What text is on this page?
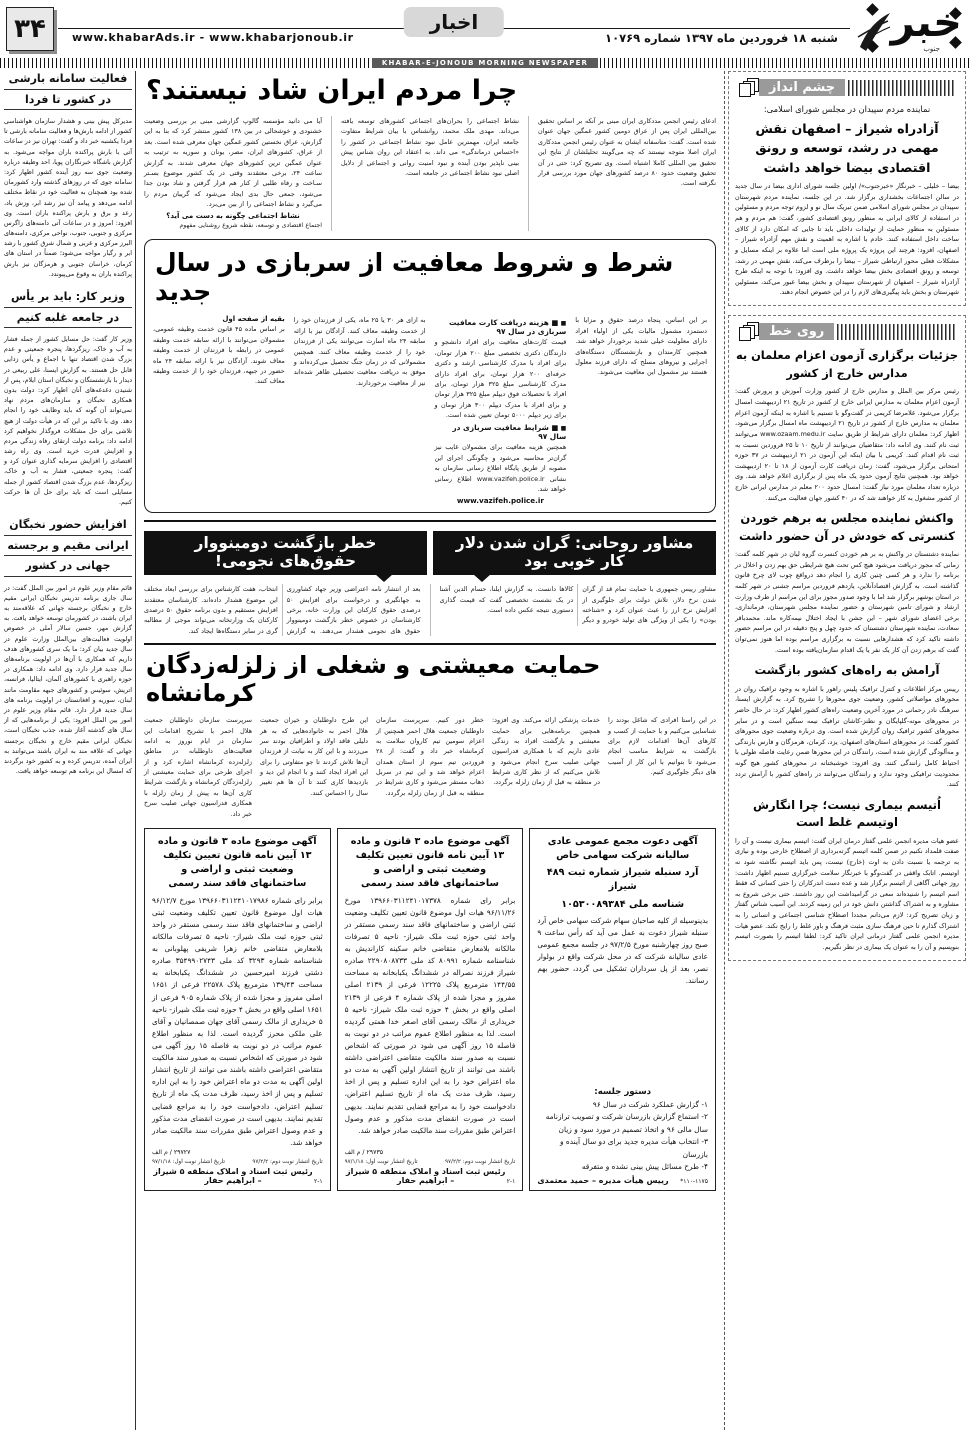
خبر
جنوب
شنبه ۱۸ فروردین ماه ۱۳۹۷ شماره ۱۰۷۶۹
اخبار
www.khabarAds.ir - www.khabarjonoub.ir
۳۴
KHABAR-E-JONOUB MORNING NEWSPAPER
چشم انداز
نماینده مردم سپیدان در مجلس شورای اسلامی:
آزادراه شیراز – اصفهان نقش مهمی در رشد، توسعه و رونق اقتصادی بیضا خواهد داشت
بیضا – خلیلی – خبرنگار «خبرجنوب»/ اولین جلسه شورای اداری بیضا در سال جدید در سالن اجتماعات بخشداری برگزار شد. در این جلسه، نماینده مردم شهرستان سپیدان در مجلس شورای اسلامی ضمن تبریک سال نو و لزوم توجه مردم و مسئولین در استفاده از کالای ایرانی به منظور رونق اقتصادی کشور، گفت: هم مردم و هم مسئولین به منظور حمایت از تولیدات داخلی باید تا جایی که امکان دارد از کالای ساخت داخل استفاده کنند. خادم با اشاره به اهمیت و نقش مهم آزادراه شیراز – اصفهان، افزود: هرچند این پروژه یک پروژه ملی است اما علاوه بر اینکه مسایل و مشکلات فعلی محور ارتباطی شیراز – بیضا را برطرف می‌کند، نقش مهمی در رشد، توسعه و رونق اقتصادی بخش بیضا خواهد داشت. وی افزود: با توجه به اینکه طرح آزادراه شیراز – اصفهان از شهرستان سپیدان و بخش بیضا عبور می‌کند، مسئولین شهرستان و بخش باید پیگیری‌های لازم را در این خصوص انجام دهند.
روی خط
جزئیات برگزاری آزمون اعزام معلمان به مدارس خارج از کشور
رئیس مرکز بین الملل و مدارس خارج از کشور وزارت آموزش و پرورش گفت: آزمون اعزام معلمان به مدارس ایرانی خارج از کشور در تاریخ ۲۱ اردیبهشت امسال برگزار می‌شود. غلامرضا کریمی در گفت‌وگو با تسنیم با اشاره به اینکه آزمون اعزام معلمان به مدارس خارج از کشور در تاریخ ۲۱ اردیبهشت ماه امسال برگزار می‌شود، اظهار کرد: معلمان دارای شرایط از طریق سایت www.ozaam.medu.ir می‌توانند ثبت نام کنند. وی ادامه داد: متقاضیان می‌توانند از تاریخ ۱۰ تا ۲۵ فروردین نسبت به ثبت نام اقدام کنند. کریمی با بیان اینکه این آزمون در ۲۱ اردیبهشت در ۳۷ حوزه امتحانی برگزار می‌شود، گفت: زمان دریافت کارت آزمون از ۱۸ تا ۲۰ اردیبهشت خواهد بود. همچنین نتایج آزمون حدود یک ماه پس از برگزاری اعلام خواهد شد. وی درباره تعداد معلمان مورد نیاز گفت: امسال حدود ۲۰۰ معلم در مدارس ایرانی خارج از کشور مشغول به کار خواهند شد که در ۴۰ کشور جهان فعالیت می‌کنند.
واکنش نماینده مجلس به برهم خوردن کنسرتی که خودش در آن حضور داشت
نماینده دشتستان در واکنش به بر هم خوردن کنسرت گروه لیان در شهر کلمه گفت: زمانی که مجوز دریافت می‌شود هیچ کس تحت هیچ شرایطی حق بهم زدن و اخلال در برنامه را ندارد و هر کسی چنین کاری را انجام دهد درواقع چوب لای چرخ قانون گذاشته است. به گزارش اقتصادآنلاین، یازدهم فروردین مراسم جشنی در شهر کلمه در استان بوشهر برگزار شد اما با وجود صدور مجوز برای این مراسم از طرف وزارت ارشاد و شورای تامین شهرستان و حضور نماینده مجلس شهرستان، فرمانداری، برخی اعضای شورای شهر – این جشن با ایجاد اختلال نیمه‌کاره ماند. محمدباقر سعادت، نماینده شهرستان دشتستان که حدود چهل و پنج دقیقه در این مراسم حضور داشته تاکید کرد که هشدارهایی نسبت به برگزاری مراسم بوده اما هنوز نمی‌توان گفت که برهم زدن آن کار یک نفر یا یک اقدام سازمان‌یافته بوده است.
آرامش به راه‌های کشور بازگشت
رییس مرکز اطلاعات و کنترل ترافیک پلیس راهور با اشاره به وجود ترافیک روان در محورهای مواصلاتی کشور، وضعیت جوی محورها را تشریح کرد. به گزارش ایسنا، سرهنگ نادر رحمانی در مورد آخرین وضعیت راه‌های کشور اظهار کرد: در حال حاضر در محورهای موته-گلپایگان و نطنز-کاشان ترافیک نیمه سنگین است و در سایر محورهای کشور ترافیک روان گزارش شده است. وی درباره وضعیت جوی محورهای کشور گفت: در محورهای استان‌های اصفهان، یزد، کرمان، هرمزگان و فارس بارندگی و مه‌آلودگی گزارش شده است، رانندگان در این محورها ضمن رعایت فاصله طولی با احتیاط کامل رانندگی کنند. وی افزود: خوشبختانه در محورهای کشور هیچ گونه محدودیت ترافیکی وجود ندارد و رانندگان می‌توانند در راه‌های کشور با آرامش تردد کنند.
اُتیسم بیماری نیست؛ چرا انگارش اوتیسم غلط است
عضو هیات مدیره انجمن علمی گفتار درمان ایران گفت: اتیسم بیماری نیست و آن را صفت قلمداد نکنیم در ضمن کلمه اتیسم گرته‌برداری از اصطلاح خارجی بوده و نیازی به ترجمه یا نسبت دادن به اوت (خارج) نیست، پس باید اتیسم نگاشته شود نه اوتیسم. اتابک واقفی در گفت‌وگو با خبرنگار سلامت خبرگزاری تسنیم اظهار داشت: روز جهانی آگاهی از اتیسم برگزار شد و عده دست اندرکاران را حتی کسانی که فقط اسم اتیسم را شنیده‌اند سعی در گرامیداشت این روز داشتند. حتی برخی شروع به مشاوره و به اشتراک گذاشتن دانش خود در این زمینه کردند. این آسیب شناس گفتار و زبان تصریح کرد: لازم می‌دانم مجددا اصطلاح شناسی اجتماعی و انسانی را به اشتراک گذارم تا حین فرهنگ سازی مثبت فرهنگ و باور غلط را رایج نکند. عضو هیات مدیره انجمن علمی گفتار درمانی ایران تاکید کرد: لطفا اتیسم را بصورت اتیسم بنویسیم و آن را به عنوان یک بیماری در نظر نگیریم.
چرا مردم ایران شاد نیستند؟
ادعای رئیس انجمن مددکاری ایران مبنی بر آنکه بر اساس تحقیق بین‌المللی ایران پس از عراق دومین کشور غمگین جهان عنوان شده است. گفت: متاسفانه ایشان به عنوان رئیس انجمن مددکاری ایران اصلا متوجه نیستند که چه می‌گویند تحلیلشان از نتایج این تحقیق بین المللی کاملا اشتباه است. وی تصریح کرد: حتی در آن تحقیق وضعیت حدود ۸۰ درصد کشورهای جهان مورد بررسی قرار نگرفته است.
نشاط اجتماعی را بحران‌های اجتماعی کشورهای توسعه یافته می‌داند. مهدی ملک محمد، روانشناس با بیان شرایط متفاوت جامعه ایران، مهمترین عامل نبود نشاط اجتماعی در کشور را «احساس درماندگی» می داند. به اعتقاد این روان شناس پیش بینی ناپذیر بودن آینده و نبود امنیت روانی و اجتماعی از دلایل اصلی نبود نشاط اجتماعی در جامعه است.
آیا می دانید مؤسسه گالوپ گزارشی مبنی بر بررسی وضعیت خشنودی و خوشحالی در بین ۱۳۸ کشور منتشر کرد که بنا به این گزارش، عراق نخستین کشور غمگین جهان معرفی شده است. بعد از عراق، کشورهای ایران، مصر، یونان و سوریه به ترتیب به عنوان غمگین ترین کشورهای جهان معرفی شدند. به گزارش ساعت ۲۴، برخی معتقدند وقتی در یک کشور موضوع بسـتر سـاخت و رفاه طلبی از کنار هم قرار گرفتن و شاد بودن جدا می‌شود، جمعی حال بدی ایجاد می‌شود که گریبان مردم را می‌گیرد و نشاط اجتماعی را از بین می‌برد.
نشاط اجتماعی چگونه به دست می آید؟
اجتماع اقتصادی و توسعه، نقطه شروع روشنایی مفهوم
شرط و شروط معافیت از سربازی در سال جدید
بر این اساس، پنجاه درصد حقوق و مزایا با دستمزد مشمول مالیات یکی از اولیاء افراد دارای معلولیت خیلی شدید برخوردار خواهد شد. همچنین کارمندان و بازنشستگان دستگاه‌های اجرایی و نیروهای مسلح که دارای فرزند معلول هستند نیز مشمول این معافیت می‌شوند.
■ ■ هزینه دریافت کارت معافیت سربازی در سال ۹۷
قیمت کارت‌های معافیت برای افراد دانشجو و دارندگان دکتری تخصصی مبلغ ۲۰۰ هزار تومان، برای افراد با مدرک کارشناسی ارشد و دکتری حرفه‌ای ۲۰۰ هزار تومان، برای افراد دارای مدرک کارشناسی مبلغ ۳۲۵ هزار تومان، برای افراد با تحصیلات فوق دیپلم مبلغ ۳۲۵ هزار تومان و برای افراد با مدرک دیپلم ۳۰۰ هزار تومان و برای زیر دیپلم ۵۰۰۰ تومان تعیین شده است.
■ ■ شرایط معافیت سربازی در سال ۹۷
همچنین هزینه معافیت برای مشمولان غایب نیز گران‌تر محاسبه می‌شود و چگونگی اجرای این مصوبه از طریق پایگاه اطلاع رسانی سازمان به نشانی www.vazifeh.police.ir اطلاع رسانی خواهد شد.
www.vazifeh.police.ir
به ازای هر ۳۰ یا ۲۵ ماه، یکی از فرزندان خود را از خدمت وظیفه معاف کنند. آزادگان نیز با ارائه سابقه ۲۴ ماه اسارت می‌توانند یکی از فرزندان خود را از خدمت وظیفه معاف کنند. همچنین مشمولانی که در زمان جنگ تحصیل می‌کرده‌اند و موفق به دریافت معافیت تحصیلی ظاهر شده‌اند نیز از معافیت برخوردارند.
بقیه از صفحه اول
بر اساس ماده ۴۵ قانون خدمت وظیفه عمومی، مشمولان می‌توانند با ارائه سابقه خدمت وظیفه عمومی در رابطه با فرزندان از خدمت وظیفه معاف شوند. آزادگان نیز با ارائه سابقه ۲۴ ماه حضور در جبهه، فرزندان خود را از خدمت وظیفه معاف کنند.
مشاور روحانی: گران شدن دلار کار خوبی بود
خطر بازگشت دومینووار حقوق‌های نجومی!
مشاور رییس جمهوری با حمایت تمام قد از گران شدن نرخ دلار، تلاش دولت برای جلوگیری از افزایش نرخ ارز را عبث عنوان کرد و «شناخته بودن» را یکی از ویژگی های تولید خودرو و دیگر کالاها دانست. به گزارش ایلنا، حسام الدین آشنا در یک نشست تخصصی گفت که قیمت گذاری دستوری نتیجه عکس داده است.
بعد از انتشار نامه اعتراضی وزیر جهاد کشاورزی به جهانگیری و درخواست برای افزایش ۵۰ درصدی حقوق کارکنان این وزارت خانه، برخی کارشناسان در خصوص خطر بازگشت دومینووار حقوق های نجومی هشدار می‌دهند. به گزارش انتخاب، هفت کارشناس برای بررسی ابعاد مختلف این موضوع هشدار داده‌اند. کارشناسان معتقدند افزایش مستقیم و بدون برنامه حقوق ۵۰ درصدی کارکنان یک وزارتخانه می‌تواند موجی از مطالبه گری در سایر دستگاه‌ها ایجاد کند.
حمایت معیشتی و شغلی از زلزله‌زدگان کرمانشاه
در این راستا افرادی که شاغل بودند را شناسایی می‌کنیم و با حمایت از کسب و کارهای آن‌ها اقدامات لازم برای بازگشت به شرایط مناسب انجام می‌شود تا بتوانیم با این کار از آسیب های دیگر جلوگیری کنیم.
خدمات پزشکی ارائه می‌کند. وی افزود: همچنین برنامه‌هایی برای حمایت معیشتی و بازگشت افراد به زندگی عادی داریم که با همکاری فدراسیون جهانی صلیب سرخ انجام می‌شود و تلاش می‌کنیم که از نظر کاری شرایط در منطقه به قبل از زمان زلزله برگردد.
خطر دور کنیم. سرپرست سازمان داوطلبان جمعیت هلال احمر همچنین از اعزام سومین تیم کاروان سلامت به کرمانشاه خبر داد و گفت: از ۲۸ فروردین تیم سوم از استان همدان اعزام خواهد شد و این تیم در سربل ذهاب مستقر می‌شود و کاری شرایط در منطقه به قبل از زمان زلزله برگردد.
این طرح داوطلبان و خیران جمعیت هلال احمر به خانواده‌هایی که به هر دلیلی فاقد اولاد و اطرافیان بودند سر می‌زدند و با این کار به نیابت از فرزندان آن‌ها تلاش کردند تا جو متفاوتی را برای این افراد ایجاد کنند و با انجام این دید و بازدیدها کاری کنند تا آن ها هم تغییر سال را احساس کنند.
سرپرست سازمان داوطلبان جمعیت هلال احمر با تشریح اقدامات این سازمان در ایام نوروز به ادامه فعالیت‌های داوطلبانه در مناطق زلزله‌زده کرمانشاه اشاره کرد و از اجرای طرحی برای حمایت معیشتی از زلزله‌زدگان کرمانشاه و بازگشت شرایط کاری آن‌ها به پیش از زمان زلزله با همکاری فدراسیون جهانی صلیب سرخ خبر داد.
آگهی دعوت مجمع عمومی عادی سالیانه شرکت سهامی خاص
آرد سنبله شیراز شماره ثبت ۴۸۹ شیراز
شناسه ملی ۱۰۵۳۰۰۸۹۳۸۴
بدینوسیله از کلیه صاحبان سهام شرکت سهامی خاص آرد سنبله شیراز دعوت به عمل می آید که رأس ساعت ۹ صبح روز چهارشنبه مورخ ۹۷/۲/۵ در جلسه مجمع عمومی عادی سالیانه شرکت که در محل شرکت واقع در بولوار نصر، بعد از پل سرداران تشکیل می گردد، حضور بهم رسانند.
دستور جلسه:
۱- گزارش عملکرد شرکت در سال ۹۶
۲- استماع گزارش بازرسان شرکت و تصویب ترازنامه سال مالی ۹۶ و اتخاذ تصمیم در مورد سود و زیان
۳- انتخاب هیأت مدیره جدید برای دو سال آینده و بازرسان
۴- طرح مسائل پیش بینی نشده و متفرقه
۱۱۰-۱۱۷۵*
رییس هیأت مدیره – حمید معتمدی
آگهی موضوع ماده ۳ قانون و ماده ۱۳ آیین نامه قانون تعیین تکلیف وضعیت ثبتی و اراضی و ساختمانهای فاقد سند رسمی
برابر رای شماره ۱۳۹۶۶۰۳۱۱۲۴۱۰۱۷۳۷۸ مورخ ۹۶/۱۱/۲۶ هیات اول موضوع قانون تعیین تکلیف وضعیت ثبتی اراضی و ساختمانهای فاقد سند رسمی مستقر در واحد ثبتی حوزه ثبت ملک شیراز- ناحیه ۵ تصرفات مالکانه بلامعارض متقاضی خانم سکینه کاراندیش به شناسنامه شماره ۸۰۹۹۱ کد ملی ۲۲۹۰۸۰۸۷۳۳ صادره شیراز فرزند نصراله در ششدانگ یکبابخانه به مساحت ۱۴۴/۵۵ مترمربع پلاک ۱۲۲۲۵ فرعی از ۲۱۳۹ اصلی مفروز و مجزا شده از پلاک شماره ۴ فرعی از ۲۱۳۹ اصلی واقع در بخش ۴ حوزه ثبت ملک شیراز- ناحیه ۵ خریداری از مالک رسمی آقای اصغر خدا همتی گردیده است. لذا به منظور اطلاع عموم مراتب در دو نوبت به فاصله ۱۵ روز آگهی می شود در صورتی که اشخاص نسبت به صدور سند مالکیت متقاضی اعتراضی داشته باشند می توانند از تاریخ انتشار اولین آگهی به مدت دو ماه اعتراض خود را به این اداره تسلیم و پس از اخذ رسید، ظرف مدت یک ماه از تاریخ تسلیم اعتراض، دادخواست خود را به مراجع قضایی تقدیم نمایند. بدیهی است در صورت انقضای مدت مذکور و عدم وصول اعتراض طبق مقررات سند مالکیت صادر خواهد شد.
۲۹۷۳۵ / م الف
تاریخ انتشار نوبت دوم: ۹۷/۲/۲
تاریخ انتشار نوبت اول: ۹۷/۱/۱۸
۲-۱
رئیس ثبت اسناد و املاک منطقه ۵ شیراز – ابراهیم حفار
آگهی موضوع ماده ۳ قانون و ماده ۱۳ آیین نامه قانون تعیین تکلیف وضعیت ثبتی و اراضی و ساختمانهای فاقد سند رسمی
برابر رای شماره ۱۳۹۶۶۰۳۱۱۲۴۱۰۱۷۹۸۶ مورخ ۹۶/۱۲/۷ هیات اول موضوع قانون تعیین تکلیف وضعیت ثبتی اراضی و ساختمانهای فاقد سند رسمی مستقر در واحد ثبتی حوزه ثبت ملک شیراز- ناحیه ۵ تصرفات مالکانه بلامعارض متقاضی خانم زهرا شریفی پهلوبانی به شناسنامه شماره ۳۲۹۳ کد ملی ۳۵۴۹۹۰۲۷۴۳ صادره دشتی فرزند امیرحسین در ششدانگ یکبابخانه به مساحت ۱۳۹/۴۳ مترمربع پلاک ۲۲۵۷۸ فرعی از ۱۶۵۱ اصلی مفروز و مجزا شده از پلاک شماره ۹۰۵ فرعی از ۱۶۵۱ اصلی واقع در بخش ۴ حوزه ثبت ملک شیراز- ناحیه ۵ خریداری از مالک رسمی آقای جهان صمصانیان و آقای علی ملکی محرز گردیده است. لذا به منظور اطلاع عموم مراتب در دو نوبت به فاصله ۱۵ روز آگهی می شود در صورتی که اشخاص نسبت به صدور سند مالکیت متقاضی اعتراضی داشته باشند می توانند از تاریخ انتشار اولین آگهی به مدت دو ماه اعتراض خود را به این اداره تسلیم و پس از اخذ رسید، ظرف مدت یک ماه از تاریخ تسلیم اعتراض، دادخواست خود را به مراجع قضایی تقدیم نمایند. بدیهی است در صورت انقضای مدت مذکور و عدم وصول اعتراض طبق مقررات سند مالکیت صادر خواهد شد.
۲۹۷۲۷ / م الف
تاریخ انتشار نوبت دوم: ۹۷/۲/۲
تاریخ انتشار نوبت اول: ۹۷/۱/۱۸
۲-۱
رئیس ثبت اسناد و املاک منطقه ۵ شیراز – ابراهیم حفار
فعالیت سامانه بارشی
در کشور تا فردا
مدیرکل پیش بینی و هشدار سازمان هواشناسی کشور از ادامه بارش‌ها و فعالیت سامانه بارشی تا فردا یکشنبه خبر داد و گفت: تهران نیز در ساعات آتی با بارش پراکنده باران مواجه می‌شود. به گزارش باشگاه خبرنگاران پویا، احد وظیفه درباره وضعیت جوی سه روز آینده کشور اظهار کرد: سامانه جوی که در روزهای گذشته وارد کشورمان شده بود همچنان به فعالیت خود در نقاط مختلف ادامه می‌دهد و پیامد آن نیز رشد ابر، وزش باد، رعد و برق و بارش پراکنده باران است. وی افزود: امروز و در ساعات آتی دامنه‌های زاگرس مرکزی و جنوبی، جنوب، نواحی مرکزی، دامنه‌های البرز مرکزی و غربی و شمال شرق کشور با رشد ابر و رگبار مواجه می‌شود؛ ضمناً در استان های کرمان، خراسان جنوبی و هرمزگان نیز بارش پراکنده باران به وقوع می‌پیوندد.
وزیر کار: باید بر یأس
در جامعه غلبه کنیم
وزیر کار گفت: حل مسایل کشور از جمله فشار به آب و خاک، ریزگردها، پنجره جمعیتی و عدم بزرگ شدن اقتصاد تنها با اجماع و یأس زدایی قابل حل هستند. به گزارش ایسنا، علی ربیعی در دیدار با بازنشستگان و نخبگان استان ایلام، پس از شنیدن دغدغه‌های آنان اظهار کرد: دولت بدون همکاری نخبگان و سازمان‌های مردم نهاد نمی‌تواند آن گونه که باید وظایف خود را انجام دهد. وی با تاکید بر این که در هیأت دولت از هیچ تلاشی برای حل مشکلات فروگذار نخواهیم کرد ادامه داد: برنامه دولت ارتقای رفاه زندگی مردم و افزایش قدرت خرید است. وی راه رشد اقتصادی را افزایش سرمایه گذاری عنوان کرد و گفت: پنجره جمعیتی، فشار به آب و خاک، ریزگردها، عدم بزرگ شدن اقتصاد کشور از جمله مسایلی است که باید برای حل آن ها حرکت کنیم.
افزایش حضور نخبگان
ایرانی مقیم و برجسته
جهانی در کشور
قائم مقام وزیر علوم در امور بین الملل گفت: در سال جاری برنامه تدریس نخبگان ایرانی مقیم خارج و نخبگان برجسته جهانی که علاقه‌مند به ایران باشند، در کشورمان توسعه خواهد یافت. به گزارش مهر، حسین سالار آملی در خصوص اولویت فعالیت‌های بین‌الملل وزارت علوم در سال جدید بیان کرد: ما یک سری کشورهای هدف داریم که همکاری با آن‌ها در اولویت برنامه‌های سال جدید قرار دارد. وی ادامه داد: همکاری در حوزه راهبری با کشورهای آلمان، ایتالیا، فرانسه، اتریش، سوئیس و کشورهای جبهه مقاومت مانند لبنان، سوریه و افغانستان در اولویت برنامه های سال جدید قرار دارد. قائم مقام وزیر علوم در امور بین الملل افزود: یکی از برنامه‌هایی که از سال های گذشته آغاز شده، جذب نخبگان است، نخبگان ایرانی مقیم خارج و نخبگان برجسته جهانی که علاقه مند به ایران باشند می‌توانند به ایران آمده، تدریس کرده و به کشور خود برگردند که امسال این برنامه هم توسعه خواهد یافت.
